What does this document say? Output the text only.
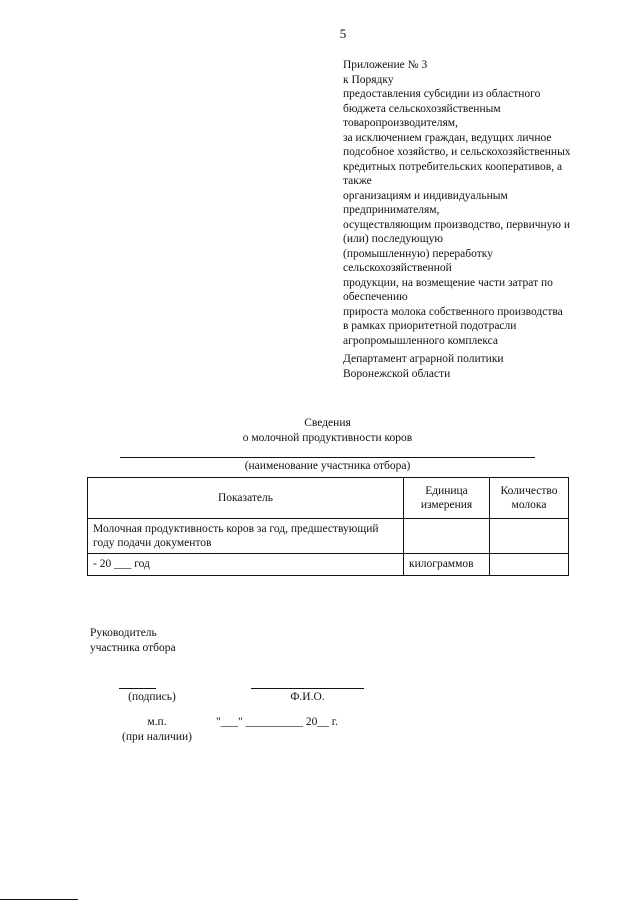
5
Приложение № 3
к Порядку
предоставления субсидии из областного
бюджета сельскохозяйственным
товаропроизводителям,
за исключением граждан, ведущих личное
подсобное хозяйство, и сельскохозяйственных
кредитных потребительских кооперативов, а
также
организациям и индивидуальным
предпринимателям,
осуществляющим производство, первичную и
(или) последующую
(промышленную) переработку
сельскохозяйственной
продукции, на возмещение части затрат по
обеспечению
прироста молока собственного производства
в рамках приоритетной подотрасли
агропромышленного комплекса
Департамент аграрной политики
Воронежской области
Сведения
о молочной продуктивности коров
(наименование участника отбора)
Показатель	Единица измерения	Количество молока
Молочная продуктивность коров за год, предшествующий году подачи документов		
- 20 ___ год	килограммов	
Руководитель
участника отбора
(подпись)	Ф.И.О.
м.п.
(при наличии)
"___" __________ 20__ г.
